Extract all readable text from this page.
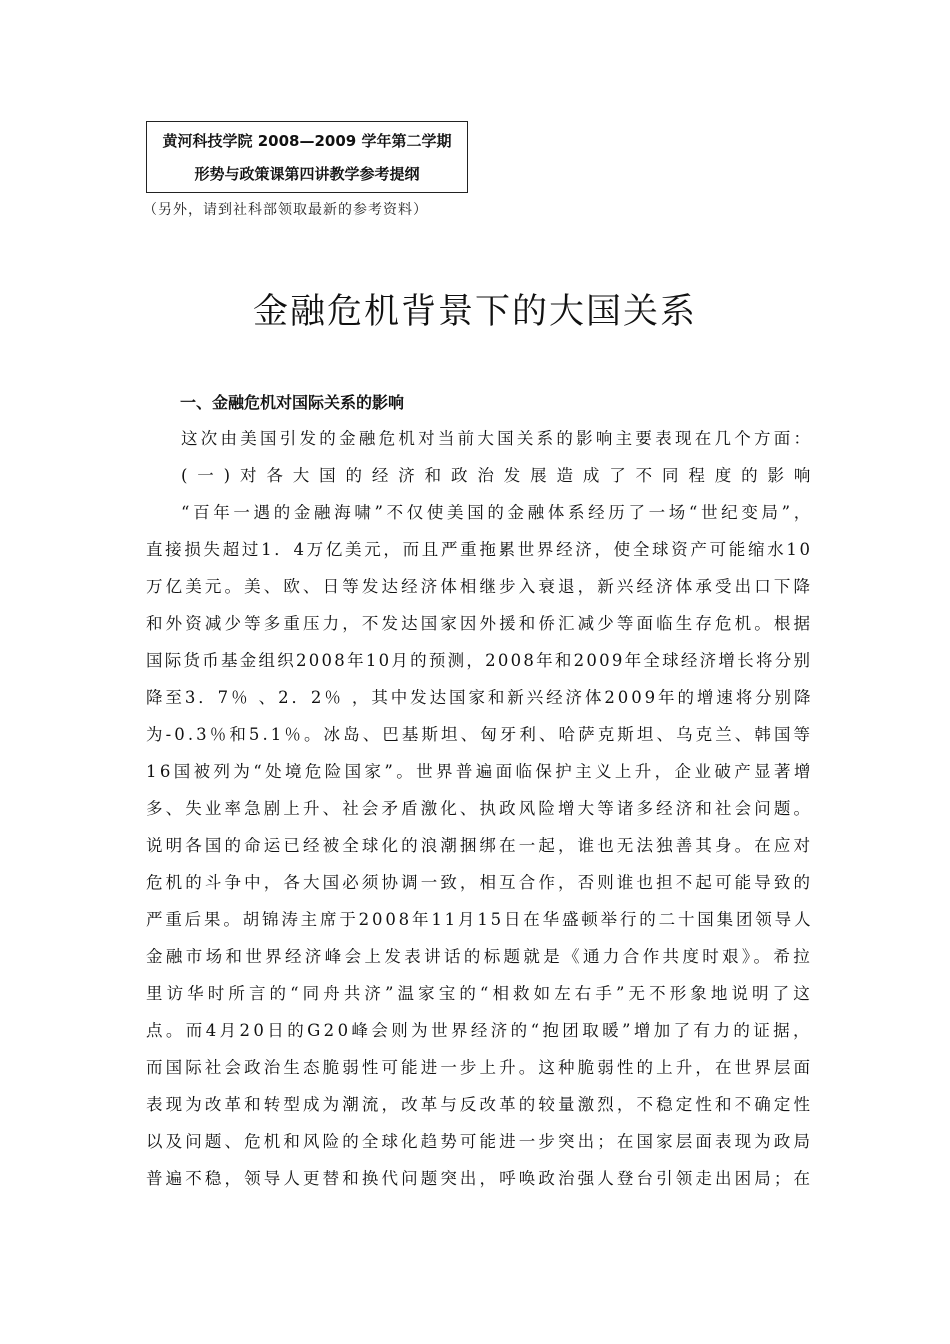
黄河科技学院 2008—2009 学年第二学期
形势与政策课第四讲教学参考提纲
（另外，请到社科部领取最新的参考资料）
金融危机背景下的大国关系
一、金融危机对国际关系的影响
这次由美国引发的金融危机对当前大国关系的影响主要表现在几个方面：
(一)对各大国的经济和政治发展造成了不同程度的影响
“百年一遇的金融海啸”不仅使美国的金融体系经历了一场“世纪变局”，
直接损失超过1．4万亿美元，而且严重拖累世界经济，使全球资产可能缩水10
万亿美元。美、欧、日等发达经济体相继步入衰退，新兴经济体承受出口下降
和外资减少等多重压力，不发达国家因外援和侨汇减少等面临生存危机。根据
国际货币基金组织2008年10月的预测，2008年和2009年全球经济增长将分别
降至3．7％ 、2．2％ ，其中发达国家和新兴经济体2009年的增速将分别降
为-0.3％和5.1％。冰岛、巴基斯坦、匈牙利、哈萨克斯坦、乌克兰、韩国等
16国被列为“处境危险国家”。世界普遍面临保护主义上升，企业破产显著增
多、失业率急剧上升、社会矛盾激化、执政风险增大等诸多经济和社会问题。
说明各国的命运已经被全球化的浪潮捆绑在一起，谁也无法独善其身。在应对
危机的斗争中，各大国必须协调一致，相互合作，否则谁也担不起可能导致的
严重后果。胡锦涛主席于2008年11月15日在华盛顿举行的二十国集团领导人
金融市场和世界经济峰会上发表讲话的标题就是《通力合作共度时艰》。希拉
里访华时所言的“同舟共济”温家宝的“相救如左右手”无不形象地说明了这
点。而4月20日的G20峰会则为世界经济的“抱团取暖”增加了有力的证据，
而国际社会政治生态脆弱性可能进一步上升。这种脆弱性的上升，在世界层面
表现为改革和转型成为潮流，改革与反改革的较量激烈，不稳定性和不确定性
以及问题、危机和风险的全球化趋势可能进一步突出；在国家层面表现为政局
普遍不稳，领导人更替和换代问题突出，呼唤政治强人登台引领走出困局；在
